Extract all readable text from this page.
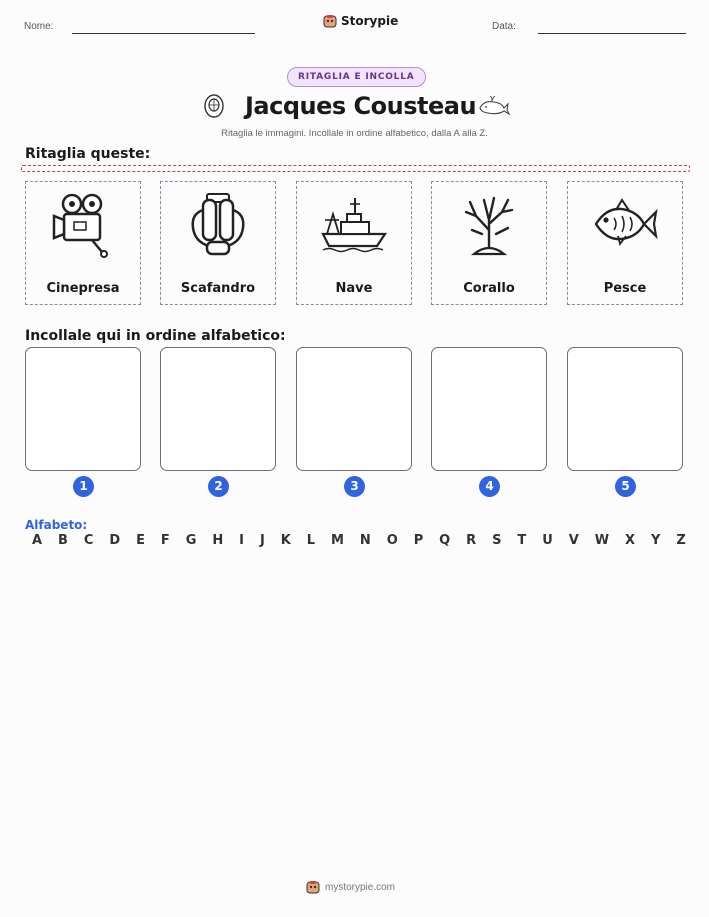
Nome:	Storypie	Data:
RITAGLIA E INCOLLA
Jacques Cousteau
Ritaglia le immagini. Incollale in ordine alfabetico, dalla A alla Z.
Ritaglia queste:
Cinepresa	Scafandro	Nave	Corallo	Pesce
Incollale qui in ordine alfabetico:
1	2	3	4	5
Alfabeto:
A B C D E F G H I J K L M N O P Q R S T U V W X Y Z
mystorypie.com
